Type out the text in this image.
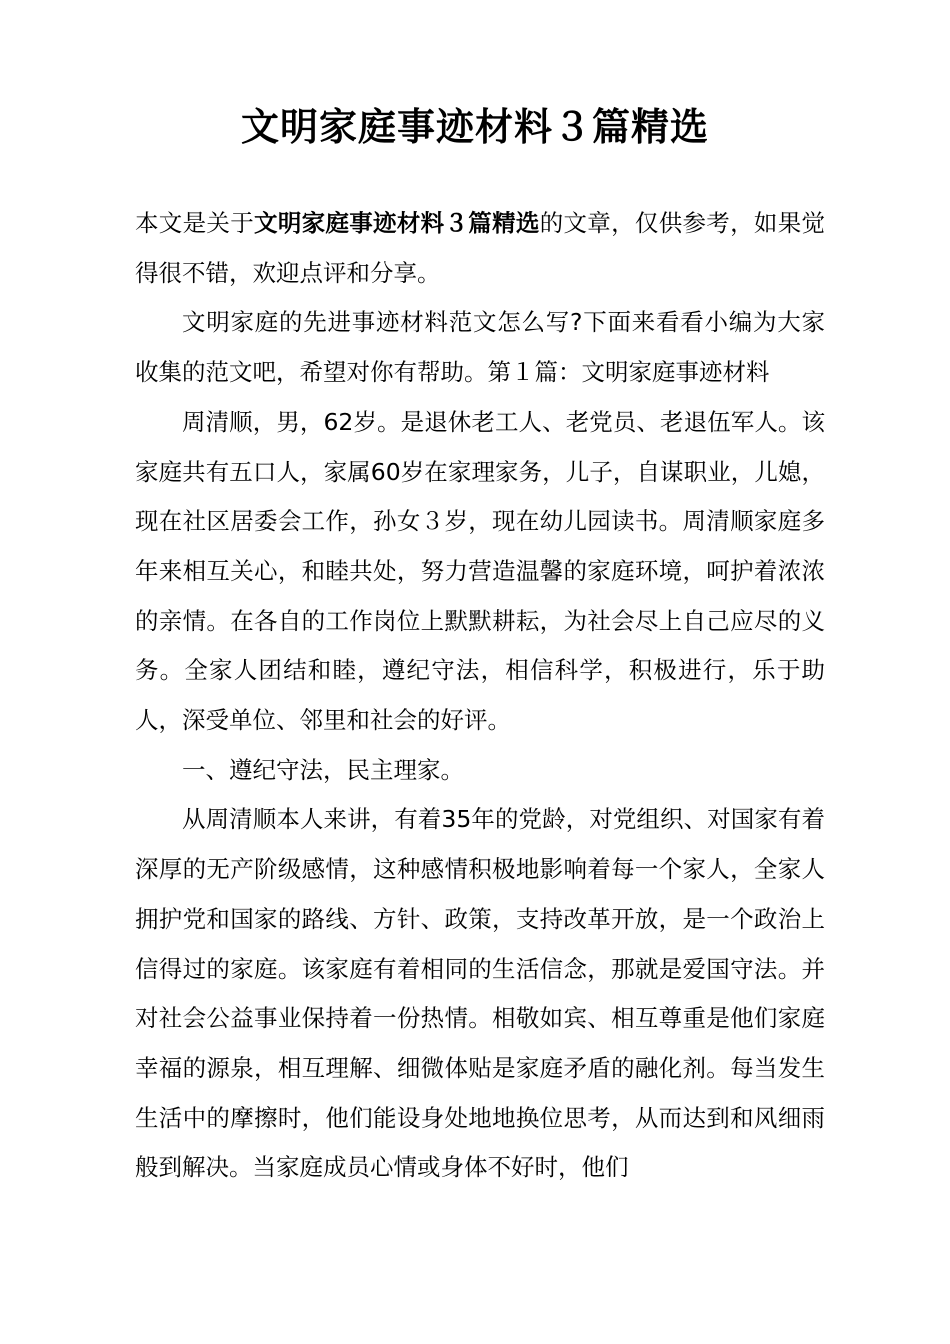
文明家庭事迹材料３篇精选

本文是关于文明家庭事迹材料３篇精选的文章，仅供参考，如果觉得很不错，欢迎点评和分享。

文明家庭的先进事迹材料范文怎么写?下面来看看小编为大家收集的范文吧，希望对你有帮助。第１篇：文明家庭事迹材料

周清顺，男，62岁。是退休老工人、老党员、老退伍军人。该家庭共有五口人，家属60岁在家理家务，儿子，自谋职业，儿媳，现在社区居委会工作，孙女３岁，现在幼儿园读书。周清顺家庭多年来相互关心，和睦共处，努力营造温馨的家庭环境，呵护着浓浓的亲情。在各自的工作岗位上默默耕耘，为社会尽上自己应尽的义务。全家人团结和睦，遵纪守法，相信科学，积极进行，乐于助人，深受单位、邻里和社会的好评。

一、遵纪守法，民主理家。

从周清顺本人来讲，有着35年的党龄，对党组织、对国家有着深厚的无产阶级感情，这种感情积极地影响着每一个家人，全家人拥护党和国家的路线、方针、政策，支持改革开放，是一个政治上信得过的家庭。该家庭有着相同的生活信念，那就是爱国守法。并对社会公益事业保持着一份热情。相敬如宾、相互尊重是他们家庭幸福的源泉，相互理解、细微体贴是家庭矛盾的融化剂。每当发生生活中的摩擦时，他们能设身处地地换位思考，从而达到和风细雨般到解决。当家庭成员心情或身体不好时，他们
